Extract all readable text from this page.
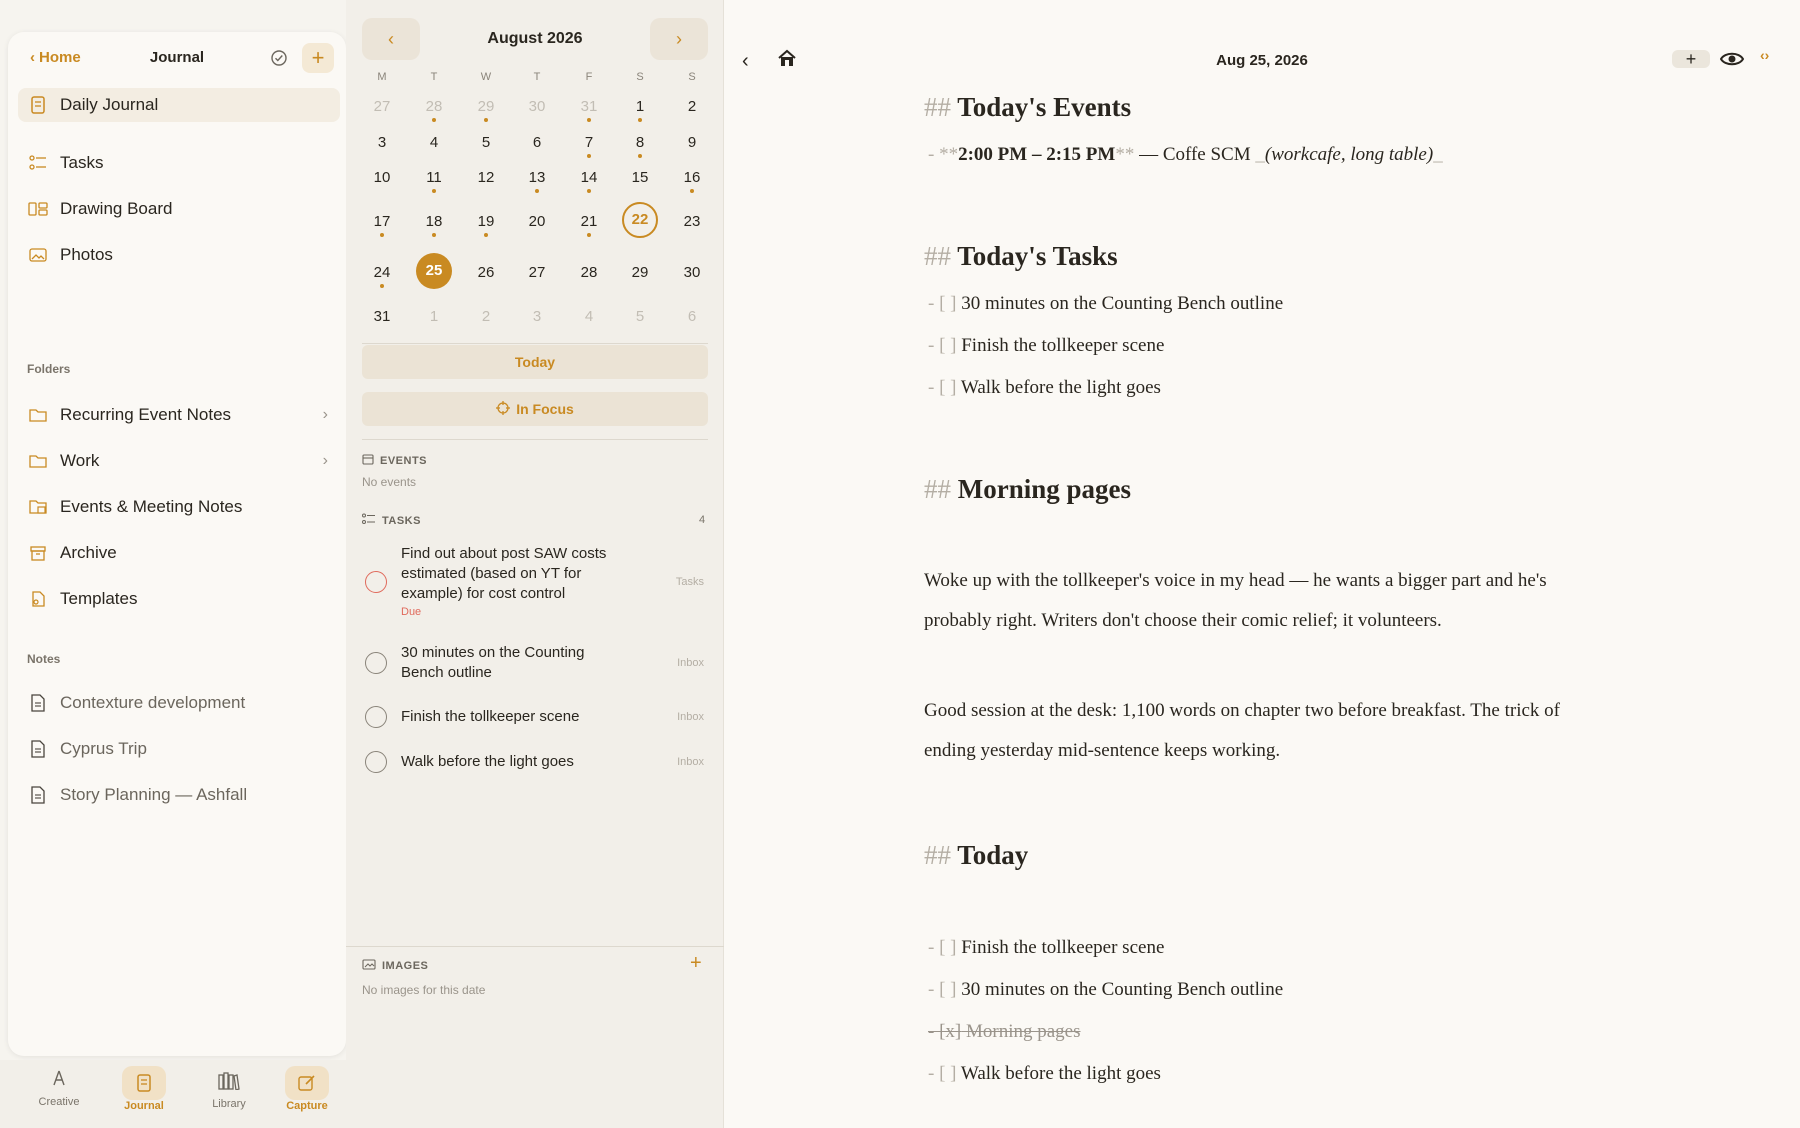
‹ Home	Journal	+
Daily Journal
Tasks
Drawing Board
Photos
Folders
Recurring Event Notes	›
Work	›
Events & Meeting Notes
Archive
Templates
Notes
Contexture development
Cyprus Trip
Story Planning — Ashfall
Creative	Journal	Library	Capture
‹	August 2026	›
Today
In Focus
EVENTS
No events
TASKS	4
Find out about post SAW costs estimated (based on YT for example) for cost control
Due
Tasks
30 minutes on the Counting Bench outline
Inbox
Finish the tollkeeper scene	Inbox
Walk before the light goes	Inbox
IMAGES	+
No images for this date
M	T	W	T	F	S	S
27	28	29	30	31	1	2
3	4	5	6	7	8	9
10	11	12	13	14	15	16
17	18	19	20	21	22	23
24	25	26	27	28	29	30
31	1	2	3	4	5	6
‹	Aug 25, 2026	+	‹›
## Today's Events
- **2:00 PM – 2:15 PM** — Coffe SCM _(workcafe, long table)_
## Today's Tasks
- [ ] 30 minutes on the Counting Bench outline
- [ ] Finish the tollkeeper scene
- [ ] Walk before the light goes
## Morning pages
Woke up with the tollkeeper's voice in my head — he wants a bigger part and he's probably right. Writers don't choose their comic relief; it volunteers.
Good session at the desk: 1,100 words on chapter two before breakfast. The trick of ending yesterday mid-sentence keeps working.
## Today
- [ ] Finish the tollkeeper scene
- [ ] 30 minutes on the Counting Bench outline
- [x] Morning pages
- [ ] Walk before the light goes
